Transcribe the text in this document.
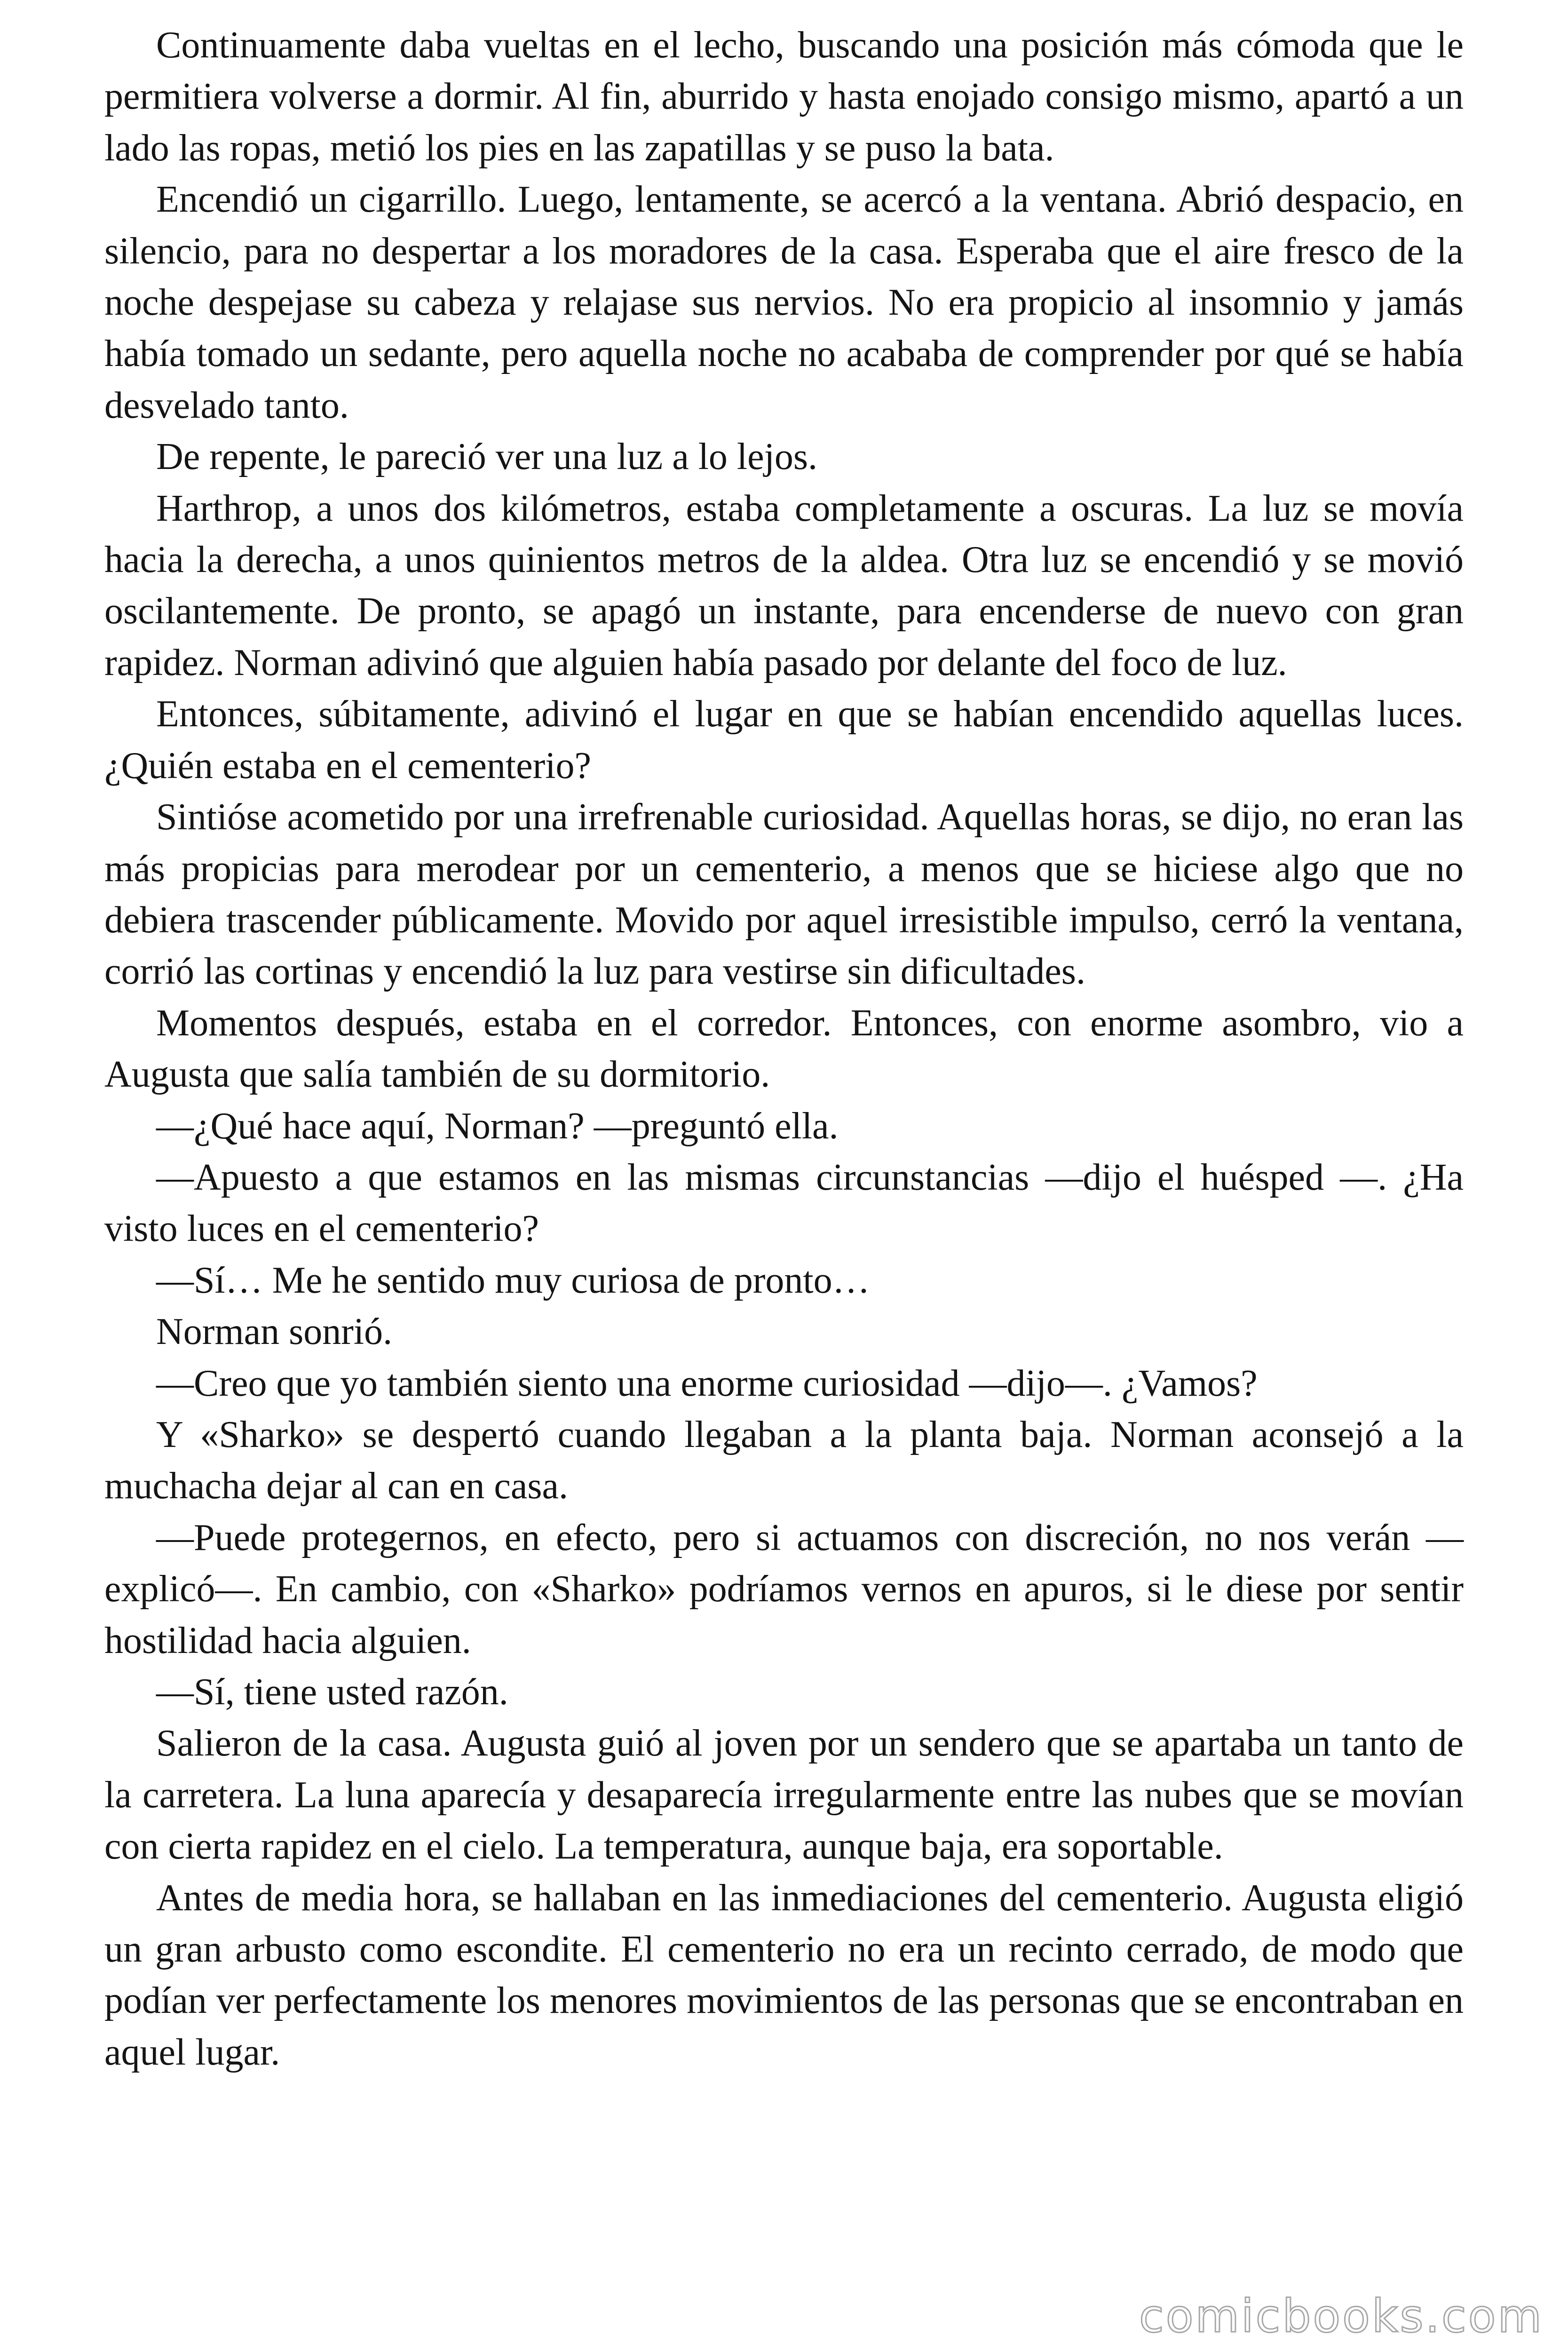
Continuamente daba vueltas en el lecho, buscando una posición más cómoda que le permitiera volverse a dormir. Al fin, aburrido y hasta enojado consigo mismo, apartó a un lado las ropas, metió los pies en las zapatillas y se puso la bata.

Encendió un cigarrillo. Luego, lentamente, se acercó a la ventana. Abrió despacio, en silencio, para no despertar a los moradores de la casa. Esperaba que el aire fresco de la noche despejase su cabeza y relajase sus nervios. No era propicio al insomnio y jamás había tomado un sedante, pero aquella noche no acababa de comprender por qué se había desvelado tanto.

De repente, le pareció ver una luz a lo lejos.

Harthrop, a unos dos kilómetros, estaba completamente a oscuras. La luz se movía hacia la derecha, a unos quinientos metros de la aldea. Otra luz se encendió y se movió oscilantemente. De pronto, se apagó un instante, para encenderse de nuevo con gran rapidez. Norman adivinó que alguien había pasado por delante del foco de luz.

Entonces, súbitamente, adivinó el lugar en que se habían encendido aquellas luces. ¿Quién estaba en el cementerio?

Sintióse acometido por una irrefrenable curiosidad. Aquellas horas, se dijo, no eran las más propicias para merodear por un cementerio, a menos que se hiciese algo que no debiera trascender públicamente. Movido por aquel irresistible impulso, cerró la ventana, corrió las cortinas y encendió la luz para vestirse sin dificultades.

Momentos después, estaba en el corredor. Entonces, con enorme asombro, vio a Augusta que salía también de su dormitorio.

—¿Qué hace aquí, Norman? —preguntó ella.

—Apuesto a que estamos en las mismas circunstancias —dijo el huésped —. ¿Ha visto luces en el cementerio?

—Sí… Me he sentido muy curiosa de pronto…

Norman sonrió.

—Creo que yo también siento una enorme curiosidad —dijo—. ¿Vamos?

Y «Sharko» se despertó cuando llegaban a la planta baja. Norman aconsejó a la muchacha dejar al can en casa.

—Puede protegernos, en efecto, pero si actuamos con discreción, no nos verán —explicó—. En cambio, con «Sharko» podríamos vernos en apuros, si le diese por sentir hostilidad hacia alguien.

—Sí, tiene usted razón.

Salieron de la casa. Augusta guió al joven por un sendero que se apartaba un tanto de la carretera. La luna aparecía y desaparecía irregularmente entre las nubes que se movían con cierta rapidez en el cielo. La temperatura, aunque baja, era soportable.

Antes de media hora, se hallaban en las inmediaciones del cementerio. Augusta eligió un gran arbusto como escondite. El cementerio no era un recinto cerrado, de modo que podían ver perfectamente los menores movimientos de las personas que se encontraban en aquel lugar.

comicbooks.com
